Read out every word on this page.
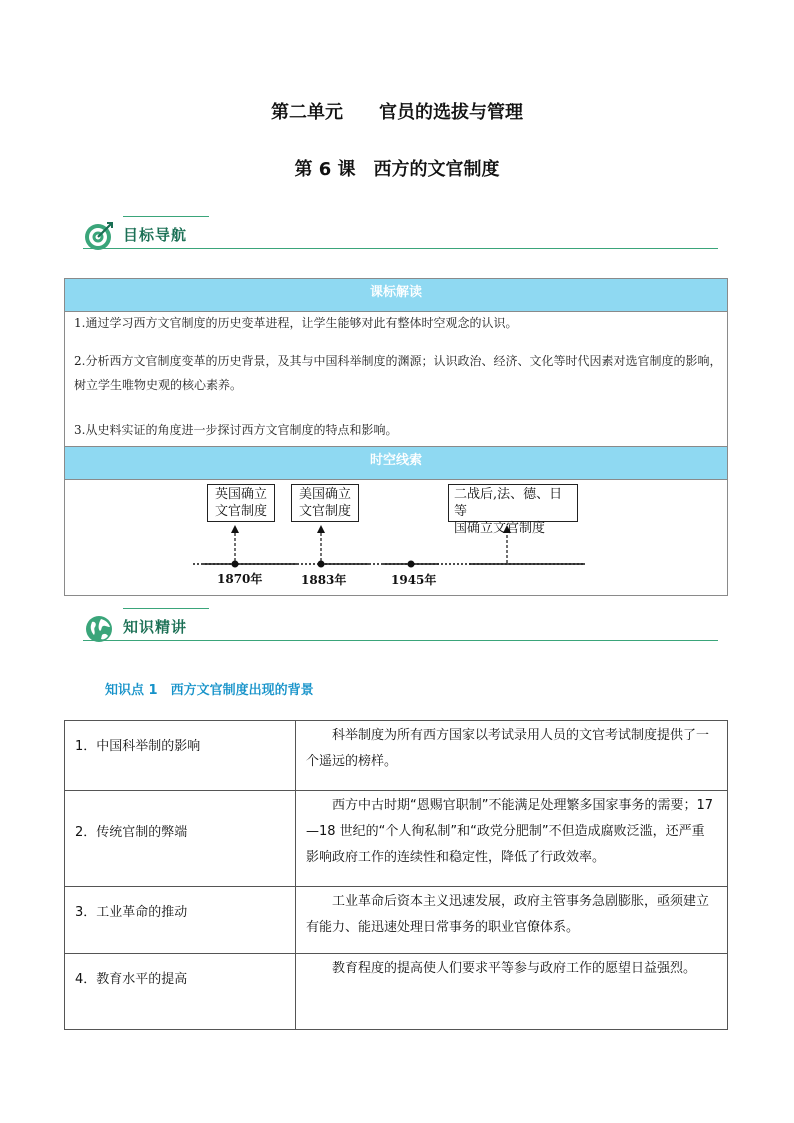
第二单元　　官员的选拔与管理
第 6 课　西方的文官制度
目标导航
课标解读
1.通过学习西方文官制度的历史变革进程，让学生能够对此有整体时空观念的认识。
2.分析西方文官制度变革的历史背景，及其与中国科举制度的渊源；认识政治、经济、文化等时代因素对选官制度的影响，树立学生唯物史观的核心素养。
3.从史料实证的角度进一步探讨西方文官制度的特点和影响。
时空线索
英国确立
文官制度
美国确立
文官制度
二战后,法、德、日等
国确立文官制度
1870年	1883年	1945年
知识精讲
知识点 1　西方文官制度出现的背景
1．中国科举制的影响	科举制度为所有西方国家以考试录用人员的文官考试制度提供了一个遥远的榜样。
2．传统官制的弊端	西方中古时期“恩赐官职制”不能满足处理繁多国家事务的需要；17—18 世纪的“个人徇私制”和“政党分肥制”不但造成腐败泛滥，还严重影响政府工作的连续性和稳定性，降低了行政效率。
3．工业革命的推动	工业革命后资本主义迅速发展，政府主管事务急剧膨胀，亟须建立有能力、能迅速处理日常事务的职业官僚体系。
4．教育水平的提高	教育程度的提高使人们要求平等参与政府工作的愿望日益强烈。
